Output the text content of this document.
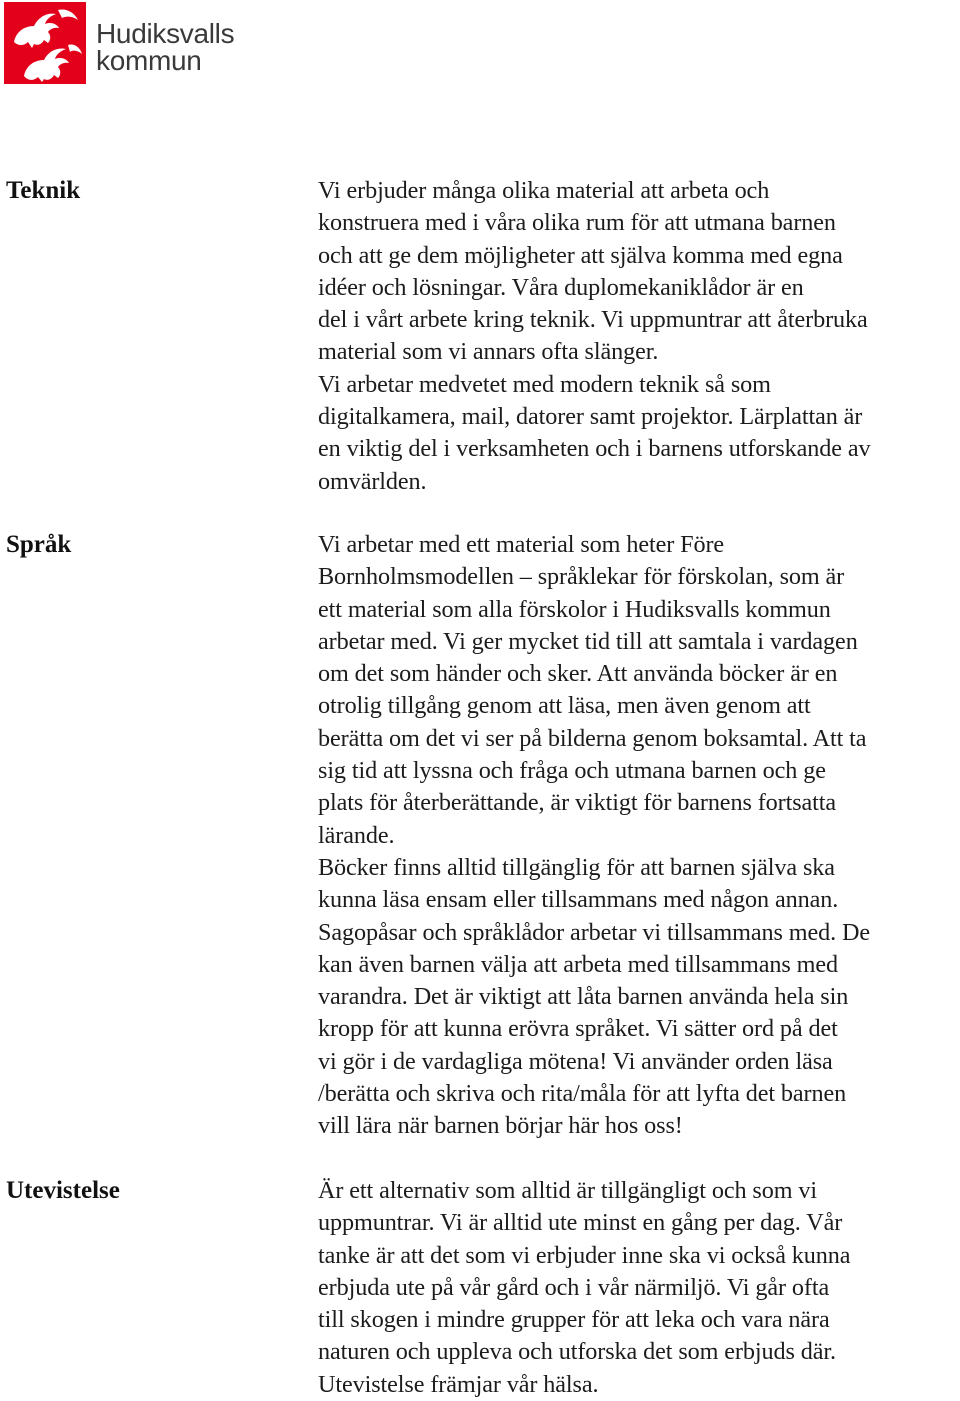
Hudiksvalls
kommun
Teknik	Vi erbjuder många olika material att arbeta och
konstruera med i våra olika rum för att utmana barnen
och att ge dem möjligheter att själva komma med egna
idéer och lösningar. Våra duplomekaniklådor är en
del i vårt arbete kring teknik. Vi uppmuntrar att återbruka
material som vi annars ofta slänger.
Vi arbetar medvetet med modern teknik så som
digitalkamera, mail, datorer samt projektor. Lärplattan är
en viktig del i verksamheten och i barnens utforskande av
omvärlden.
Språk	Vi arbetar med ett material som heter Före
Bornholmsmodellen – språklekar för förskolan, som är
ett material som alla förskolor i Hudiksvalls kommun
arbetar med. Vi ger mycket tid till att samtala i vardagen
om det som händer och sker. Att använda böcker är en
otrolig tillgång genom att läsa, men även genom att
berätta om det vi ser på bilderna genom boksamtal. Att ta
sig tid att lyssna och fråga och utmana barnen och ge
plats för återberättande, är viktigt för barnens fortsatta
lärande.
Böcker finns alltid tillgänglig för att barnen själva ska
kunna läsa ensam eller tillsammans med någon annan.
Sagopåsar och språklådor arbetar vi tillsammans med. De
kan även barnen välja att arbeta med tillsammans med
varandra. Det är viktigt att låta barnen använda hela sin
kropp för att kunna erövra språket. Vi sätter ord på det
vi gör i de vardagliga mötena! Vi använder orden läsa
/berätta och skriva och rita/måla för att lyfta det barnen
vill lära när barnen börjar här hos oss!
Utevistelse	Är ett alternativ som alltid är tillgängligt och som vi
uppmuntrar. Vi är alltid ute minst en gång per dag. Vår
tanke är att det som vi erbjuder inne ska vi också kunna
erbjuda ute på vår gård och i vår närmiljö. Vi går ofta
till skogen i mindre grupper för att leka och vara nära
naturen och uppleva och utforska det som erbjuds där.
Utevistelse främjar vår hälsa.
